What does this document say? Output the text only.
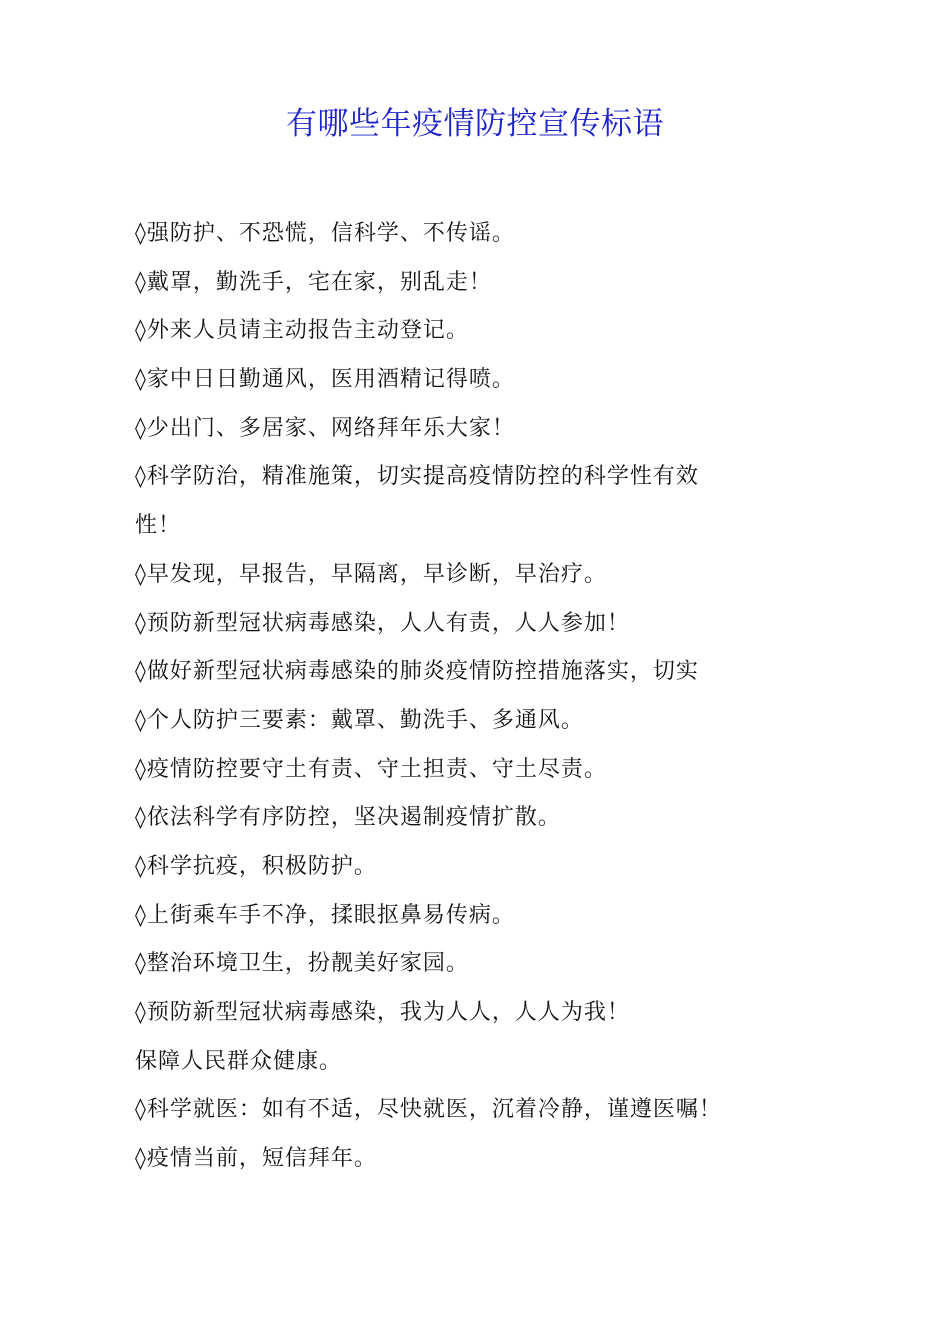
有哪些年疫情防控宣传标语
◊强防护、不恐慌，信科学、不传谣。
◊戴罩，勤洗手，宅在家，别乱走！
◊外来人员请主动报告主动登记。
◊家中日日勤通风，医用酒精记得喷。
◊少出门、多居家、网络拜年乐大家！
◊科学防治，精准施策，切实提高疫情防控的科学性有效
性！
◊早发现，早报告，早隔离，早诊断，早治疗。
◊预防新型冠状病毒感染，人人有责，人人参加！
◊做好新型冠状病毒感染的肺炎疫情防控措施落实，切实
◊个人防护三要素：戴罩、勤洗手、多通风。
◊疫情防控要守土有责、守土担责、守土尽责。
◊依法科学有序防控，坚决遏制疫情扩散。
◊科学抗疫，积极防护。
◊上街乘车手不净，揉眼抠鼻易传病。
◊整治环境卫生，扮靓美好家园。
◊预防新型冠状病毒感染，我为人人，人人为我！
保障人民群众健康。
◊科学就医：如有不适，尽快就医，沉着冷静，谨遵医嘱！
◊疫情当前，短信拜年。
